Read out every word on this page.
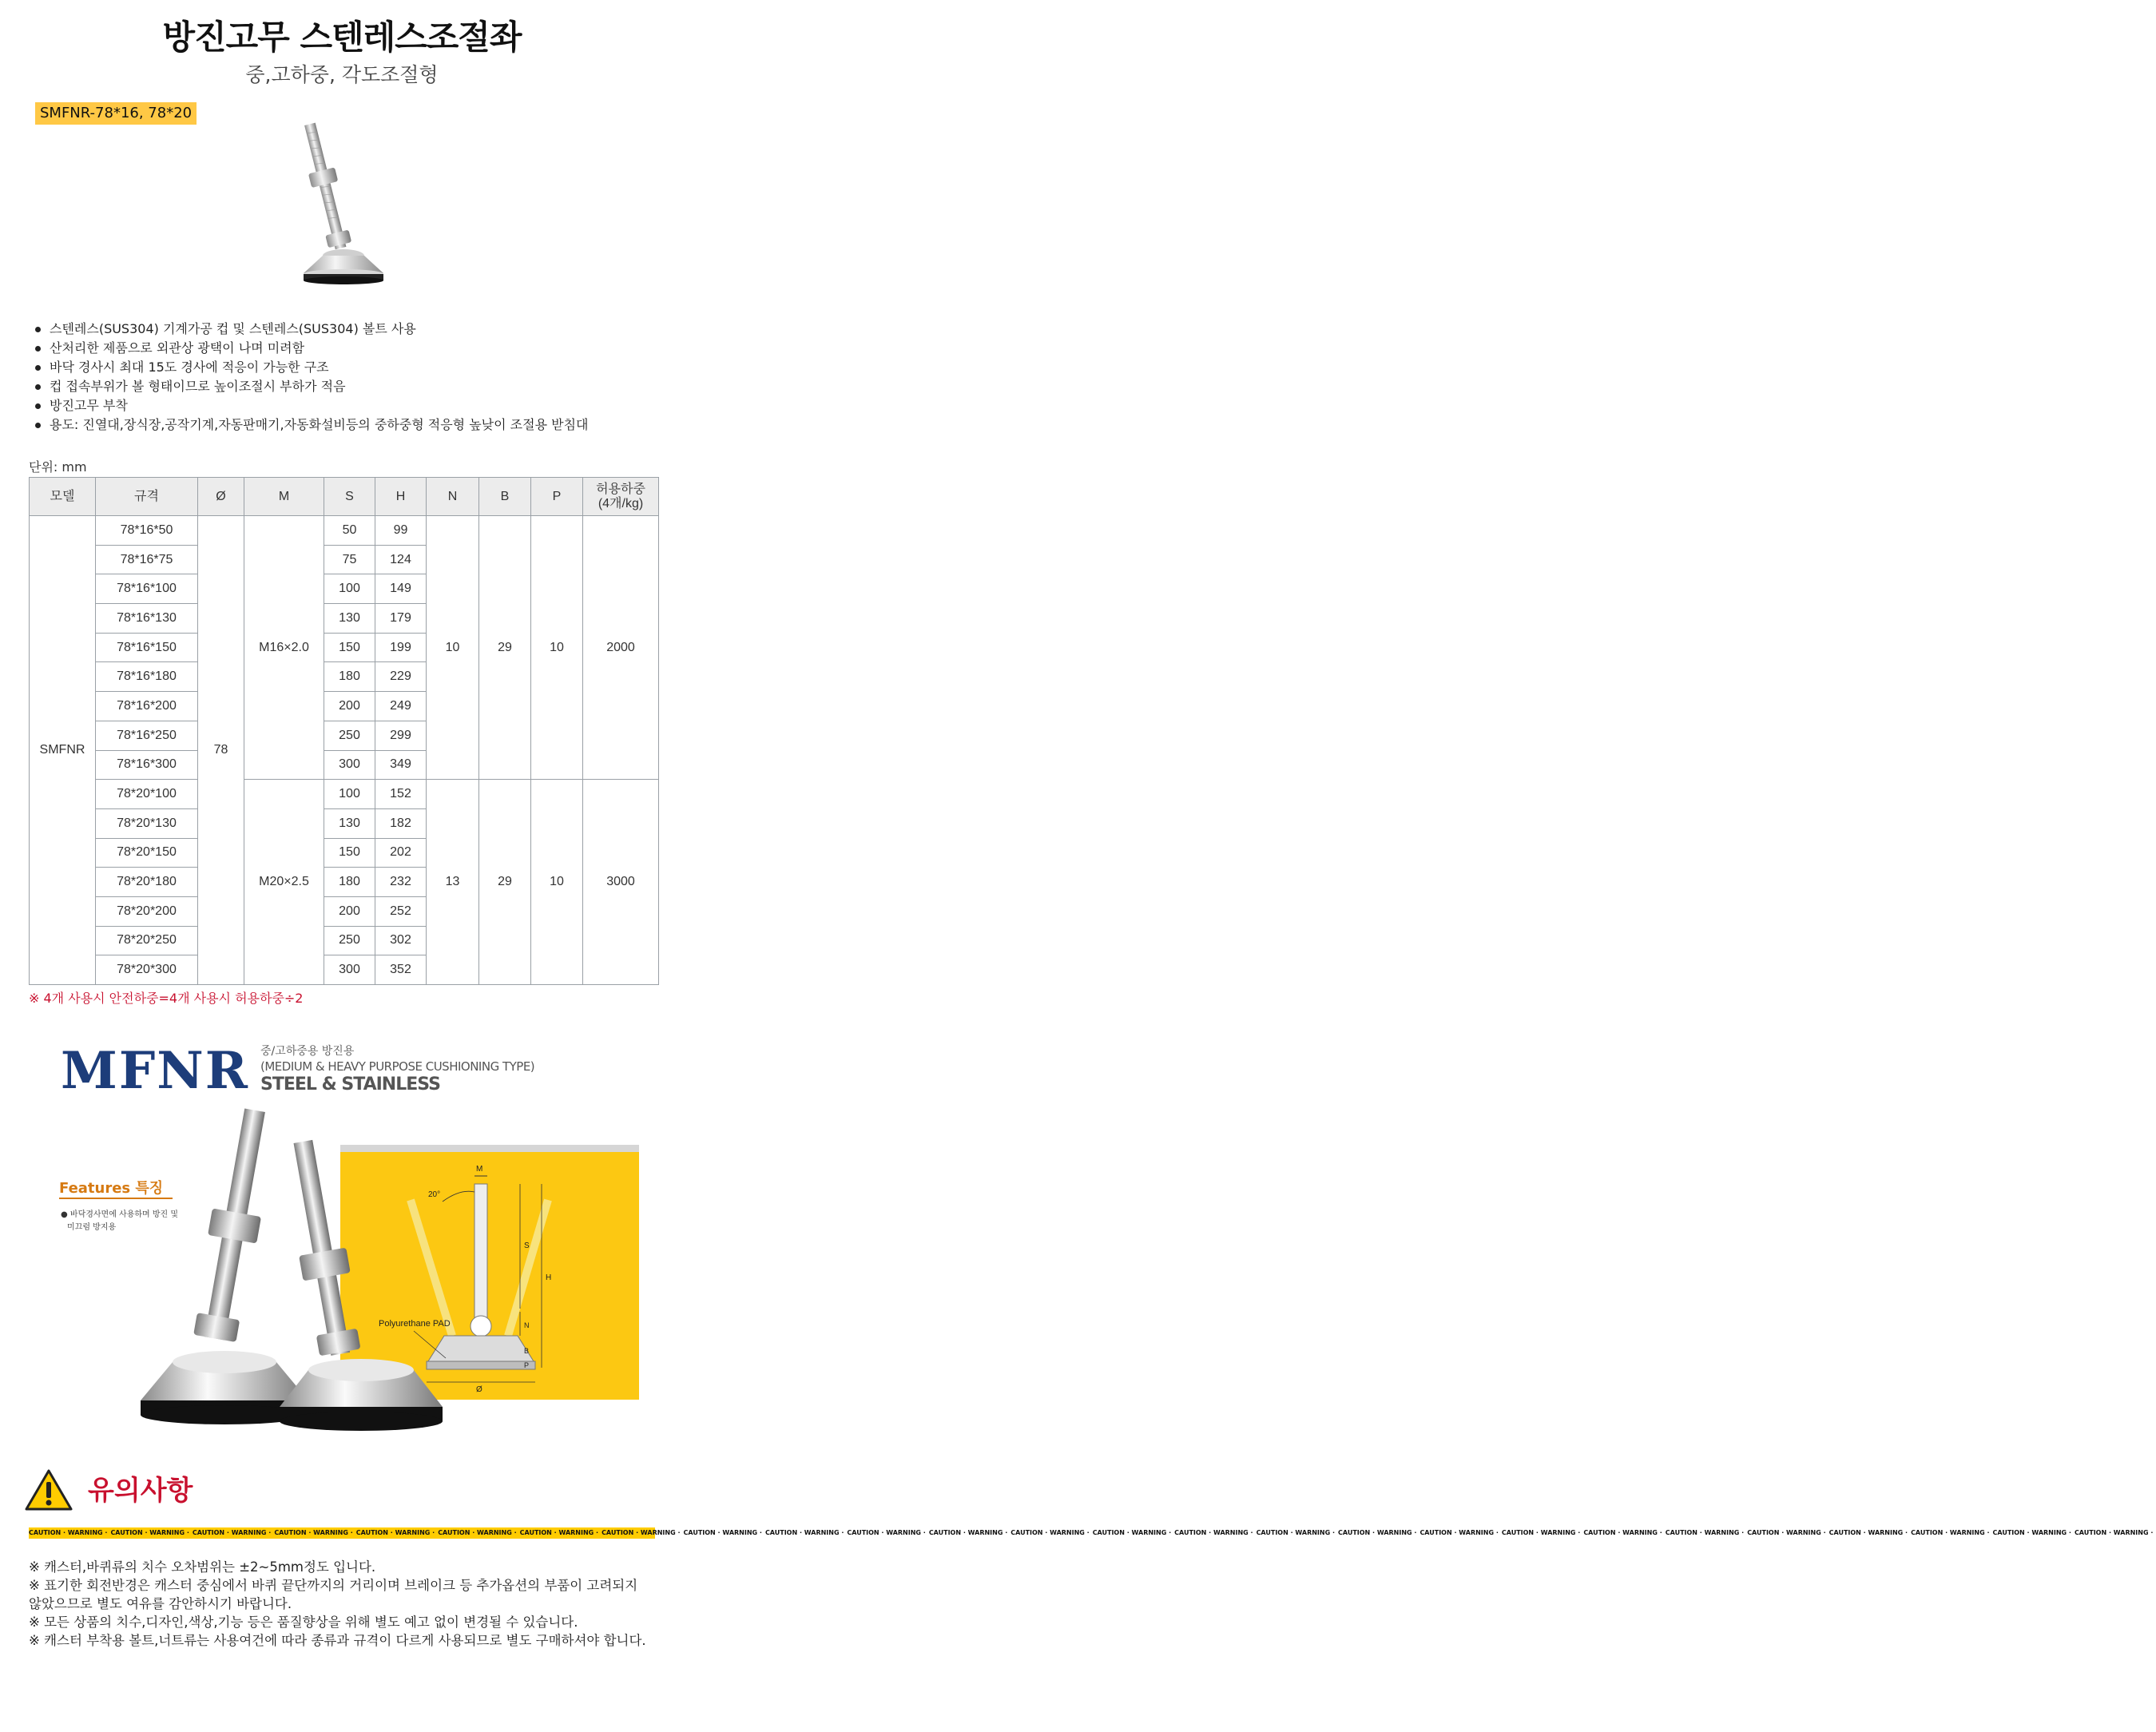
방진고무 스텐레스조절좌
중,고하중, 각도조절형
SMFNR-78*16, 78*20
스텐레스(SUS304) 기계가공 컵 및 스텐레스(SUS304) 볼트 사용
산처리한 제품으로 외관상 광택이 나며 미려함
바닥 경사시 최대 15도 경사에 적응이 가능한 구조
컵 접속부위가 볼 형태이므로 높이조절시 부하가 적음
방진고무 부착
용도: 진열대,장식장,공작기계,자동판매기,자동화설비등의 중하중형 적응형 높낮이 조절용 받침대
단위: mm
모델	규격	Ø	M	S	H	N	B	P	허용하중
(4개/kg)
SMFNR	78*16*50	78	M16×2.0	50	99	10	29	10	2000
	78*16*75			75	124				
	78*16*100			100	149				
	78*16*130			130	179				
	78*16*150			150	199				
	78*16*180			180	229				
	78*16*200			200	249				
	78*16*250			250	299				
	78*16*300			300	349				
	78*20*100		M20×2.5	100	152	13	29	10	3000
	78*20*130			130	182				
	78*20*150			150	202				
	78*20*180			180	232				
	78*20*200			200	252				
	78*20*250			250	302				
	78*20*300			300	352				
※ 4개 사용시 안전하중=4개 사용시 허용하중÷2
MFNR 중/고하중용 방진용
(MEDIUM & HEAVY PURPOSE CUSHIONING TYPE)
STEEL & STAINLESS
Features 특징
● 바닥경사면에 사용하며 방진 및
미끄럼 방지용
M
20°
S
H
N
B
P
Ø
Polyurethane PAD
유의사항
CAUTION · WARNING · CAUTION · WARNING · CAUTION · WARNING · CAUTION · WARNING · CAUTION · WARNING · CAUTION · WARNING · CAUTION · WARNING · CAUTION · WARNING · CAUTION · WARNING · CAUTION · WARNING · CAUTION · WARNING · CAUTION · WARNING · CAUTION · WARNING · CAUTION · WARNING · CAUTION · WARNING · CAUTION · WARNING · CAUTION · WARNING · CAUTION · WARNING · CAUTION · WARNING · CAUTION · WARNING · CAUTION · WARNING · CAUTION · WARNING · CAUTION · WARNING · CAUTION · WARNING · CAUTION · WARNING · CAUTION · WARNING ·

※ 캐스터,바퀴류의 치수 오차범위는 ±2~5mm정도 입니다.

※ 표기한 회전반경은 캐스터 중심에서 바퀴 끝단까지의 거리이며 브레이크 등 추가옵션의 부품이 고려되지 않았으므로 별도 여유를 감안하시기 바랍니다.

※ 모든 상품의 치수,디자인,색상,기능 등은 품질향상을 위해 별도 예고 없이 변경될 수 있습니다.

※ 캐스터 부착용 볼트,너트류는 사용여건에 따라 종류과 규격이 다르게 사용되므로 별도 구매하셔야 합니다.
